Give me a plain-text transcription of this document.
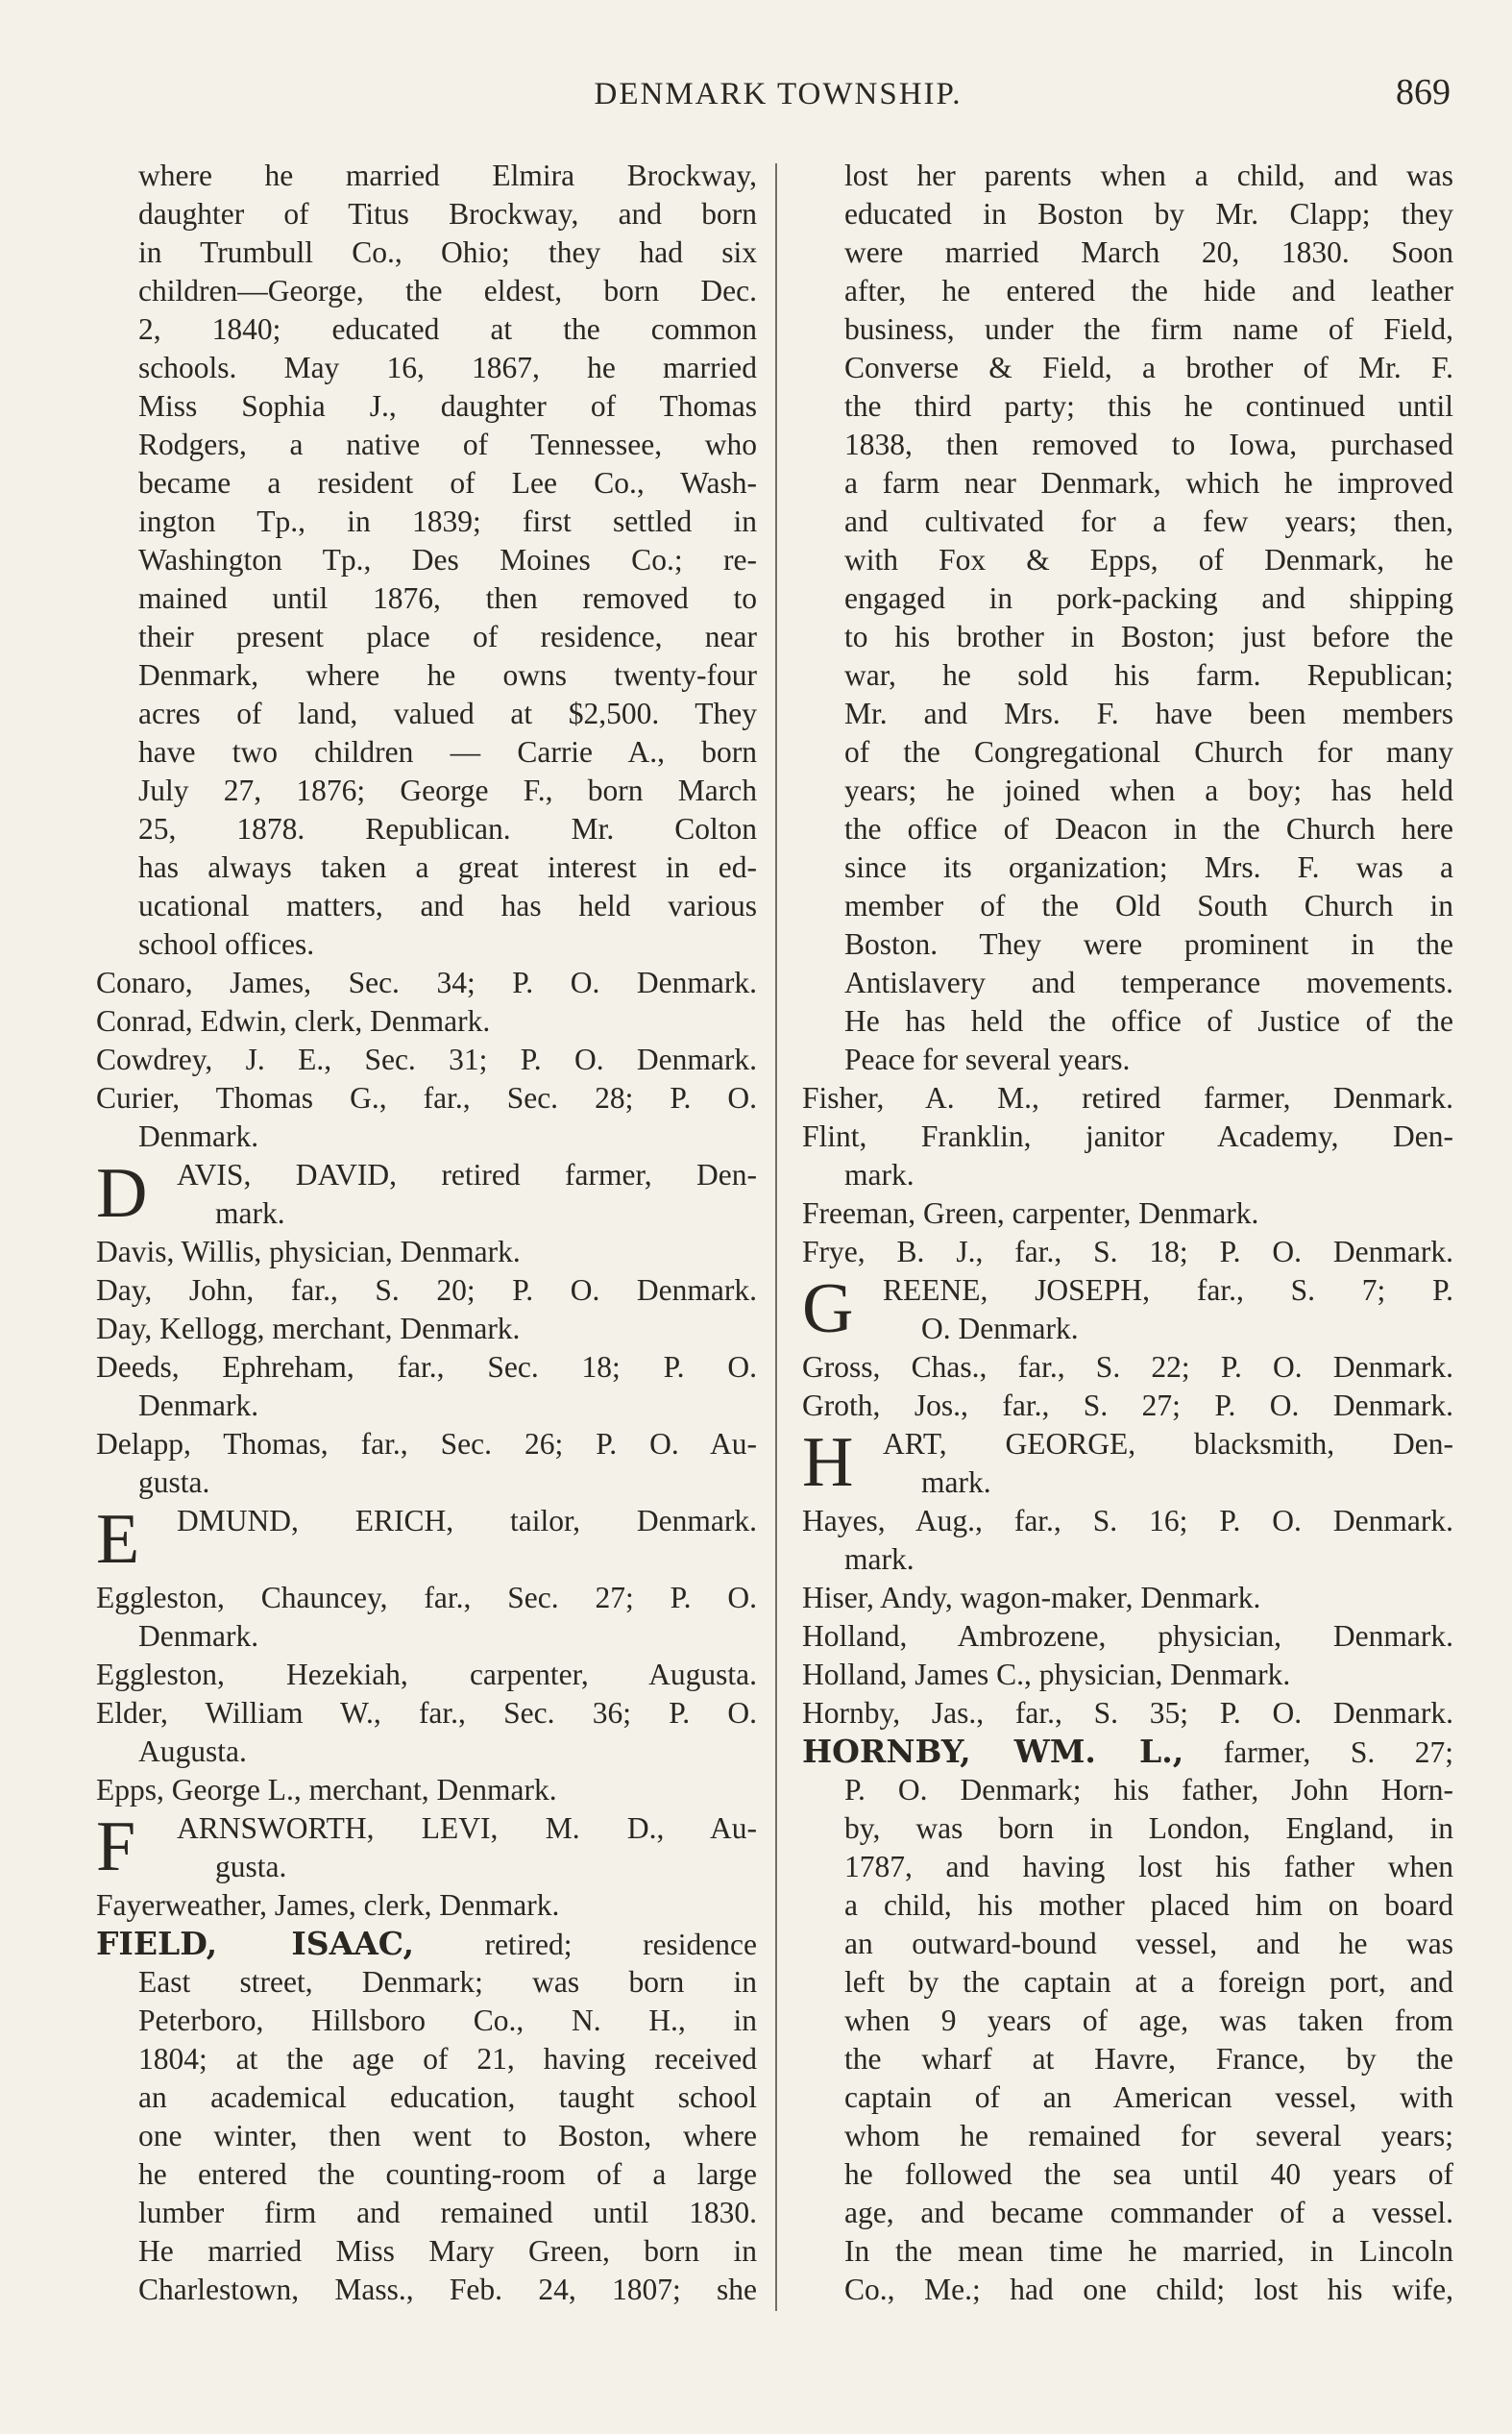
DENMARK TOWNSHIP.	869
where he married Elmira Brockway,
daughter of Titus Brockway, and born
in Trumbull Co., Ohio; they had six
children—George, the eldest, born Dec.
2, 1840; educated at the common
schools. May 16, 1867, he married
Miss Sophia J., daughter of Thomas
Rodgers, a native of Tennessee, who
became a resident of Lee Co., Wash-
ington Tp., in 1839; first settled in
Washington Tp., Des Moines Co.; re-
mained until 1876, then removed to
their present place of residence, near
Denmark, where he owns twenty-four
acres of land, valued at $2,500. They
have two children — Carrie A., born
July 27, 1876; George F., born March
25, 1878. Republican. Mr. Colton
has always taken a great interest in ed-
ucational matters, and has held various
school offices.
Conaro, James, Sec. 34; P. O. Denmark.
Conrad, Edwin, clerk, Denmark.
Cowdrey, J. E., Sec. 31; P. O. Denmark.
Curier, Thomas G., far., Sec. 28; P. O.
Denmark.
D AVIS, DAVID, retired farmer, Den-
mark.
Davis, Willis, physician, Denmark.
Day, John, far., S. 20; P. O. Denmark.
Day, Kellogg, merchant, Denmark.
Deeds, Ephreham, far., Sec. 18; P. O.
Denmark.
Delapp, Thomas, far., Sec. 26; P. O. Au-
gusta.
E DMUND, ERICH, tailor, Denmark.
Eggleston, Chauncey, far., Sec. 27; P. O.
Denmark.
Eggleston, Hezekiah, carpenter, Augusta.
Elder, William W., far., Sec. 36; P. O.
Augusta.
Epps, George L., merchant, Denmark.
F ARNSWORTH, LEVI, M. D., Au-
gusta.
Fayerweather, James, clerk, Denmark.
FIELD, ISAAC, retired; residence
East street, Denmark; was born in
Peterboro, Hillsboro Co., N. H., in
1804; at the age of 21, having received
an academical education, taught school
one winter, then went to Boston, where
he entered the counting-room of a large
lumber firm and remained until 1830.
He married Miss Mary Green, born in
Charlestown, Mass., Feb. 24, 1807; she
lost her parents when a child, and was
educated in Boston by Mr. Clapp; they
were married March 20, 1830. Soon
after, he entered the hide and leather
business, under the firm name of Field,
Converse & Field, a brother of Mr. F.
the third party; this he continued until
1838, then removed to Iowa, purchased
a farm near Denmark, which he improved
and cultivated for a few years; then,
with Fox & Epps, of Denmark, he
engaged in pork-packing and shipping
to his brother in Boston; just before the
war, he sold his farm. Republican;
Mr. and Mrs. F. have been members
of the Congregational Church for many
years; he joined when a boy; has held
the office of Deacon in the Church here
since its organization; Mrs. F. was a
member of the Old South Church in
Boston. They were prominent in the
Antislavery and temperance movements.
He has held the office of Justice of the
Peace for several years.
Fisher, A. M., retired farmer, Denmark.
Flint, Franklin, janitor Academy, Den-
mark.
Freeman, Green, carpenter, Denmark.
Frye, B. J., far., S. 18; P. O. Denmark.
G REENE, JOSEPH, far., S. 7; P.
O. Denmark.
Gross, Chas., far., S. 22; P. O. Denmark.
Groth, Jos., far., S. 27; P. O. Denmark.
H ART, GEORGE, blacksmith, Den-
mark.
Hayes, Aug., far., S. 16; P. O. Denmark.
mark.
Hiser, Andy, wagon-maker, Denmark.
Holland, Ambrozene, physician, Denmark.
Holland, James C., physician, Denmark.
Hornby, Jas., far., S. 35; P. O. Denmark.
HORNBY, WM. L., farmer, S. 27;
P. O. Denmark; his father, John Horn-
by, was born in London, England, in
1787, and having lost his father when
a child, his mother placed him on board
an outward-bound vessel, and he was
left by the captain at a foreign port, and
when 9 years of age, was taken from
the wharf at Havre, France, by the
captain of an American vessel, with
whom he remained for several years;
he followed the sea until 40 years of
age, and became commander of a vessel.
In the mean time he married, in Lincoln
Co., Me.; had one child; lost his wife,
